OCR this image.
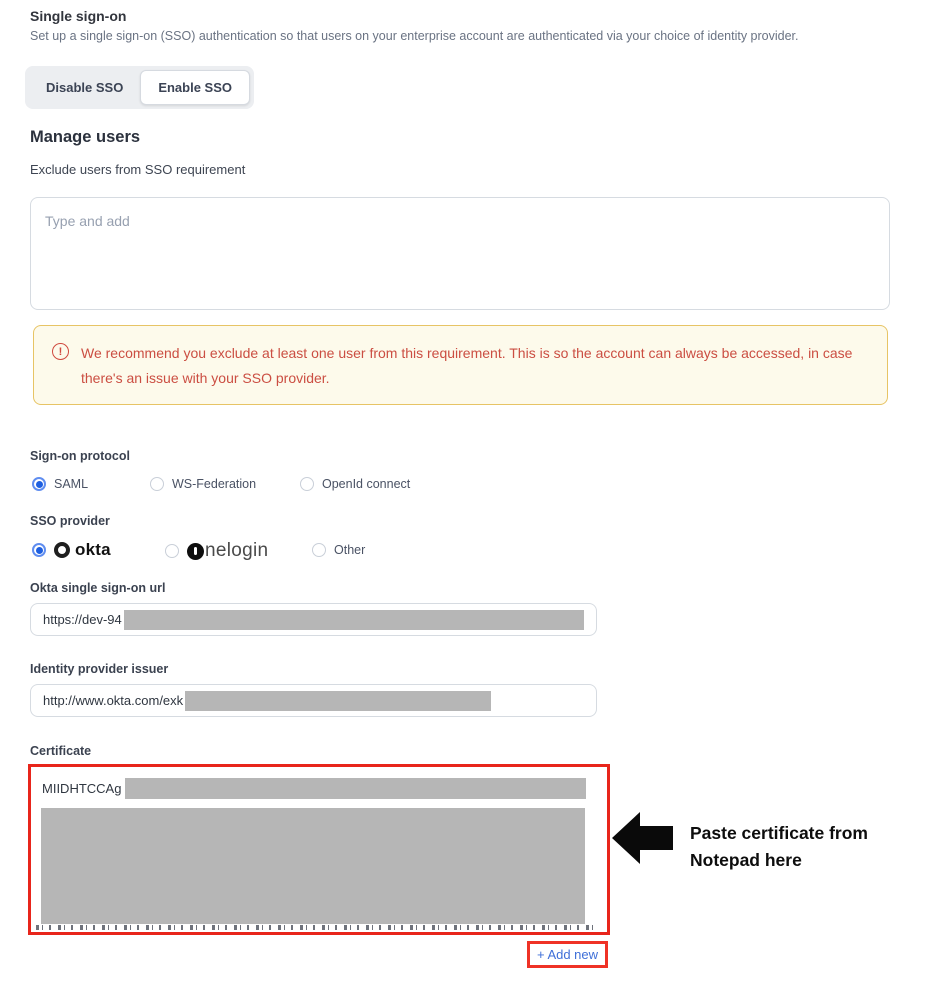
Single sign-on
Set up a single sign-on (SSO) authentication so that users on your enterprise account are authenticated via your choice of identity provider.
Disable SSO	Enable SSO
Manage users
Exclude users from SSO requirement
Type and add
!	We recommend you exclude at least one user from this requirement. This is so the account can always be accessed, in case there's an issue with your SSO provider.
Sign-on protocol
SAML	WS-Federation	OpenId connect
SSO provider
okta	nelogin	Other
Okta single sign-on url
https://dev-94
Identity provider issuer
http://www.okta.com/exk
Certificate
MIIDHTCCAg
Paste certificate from
Notepad here
+ Add new
